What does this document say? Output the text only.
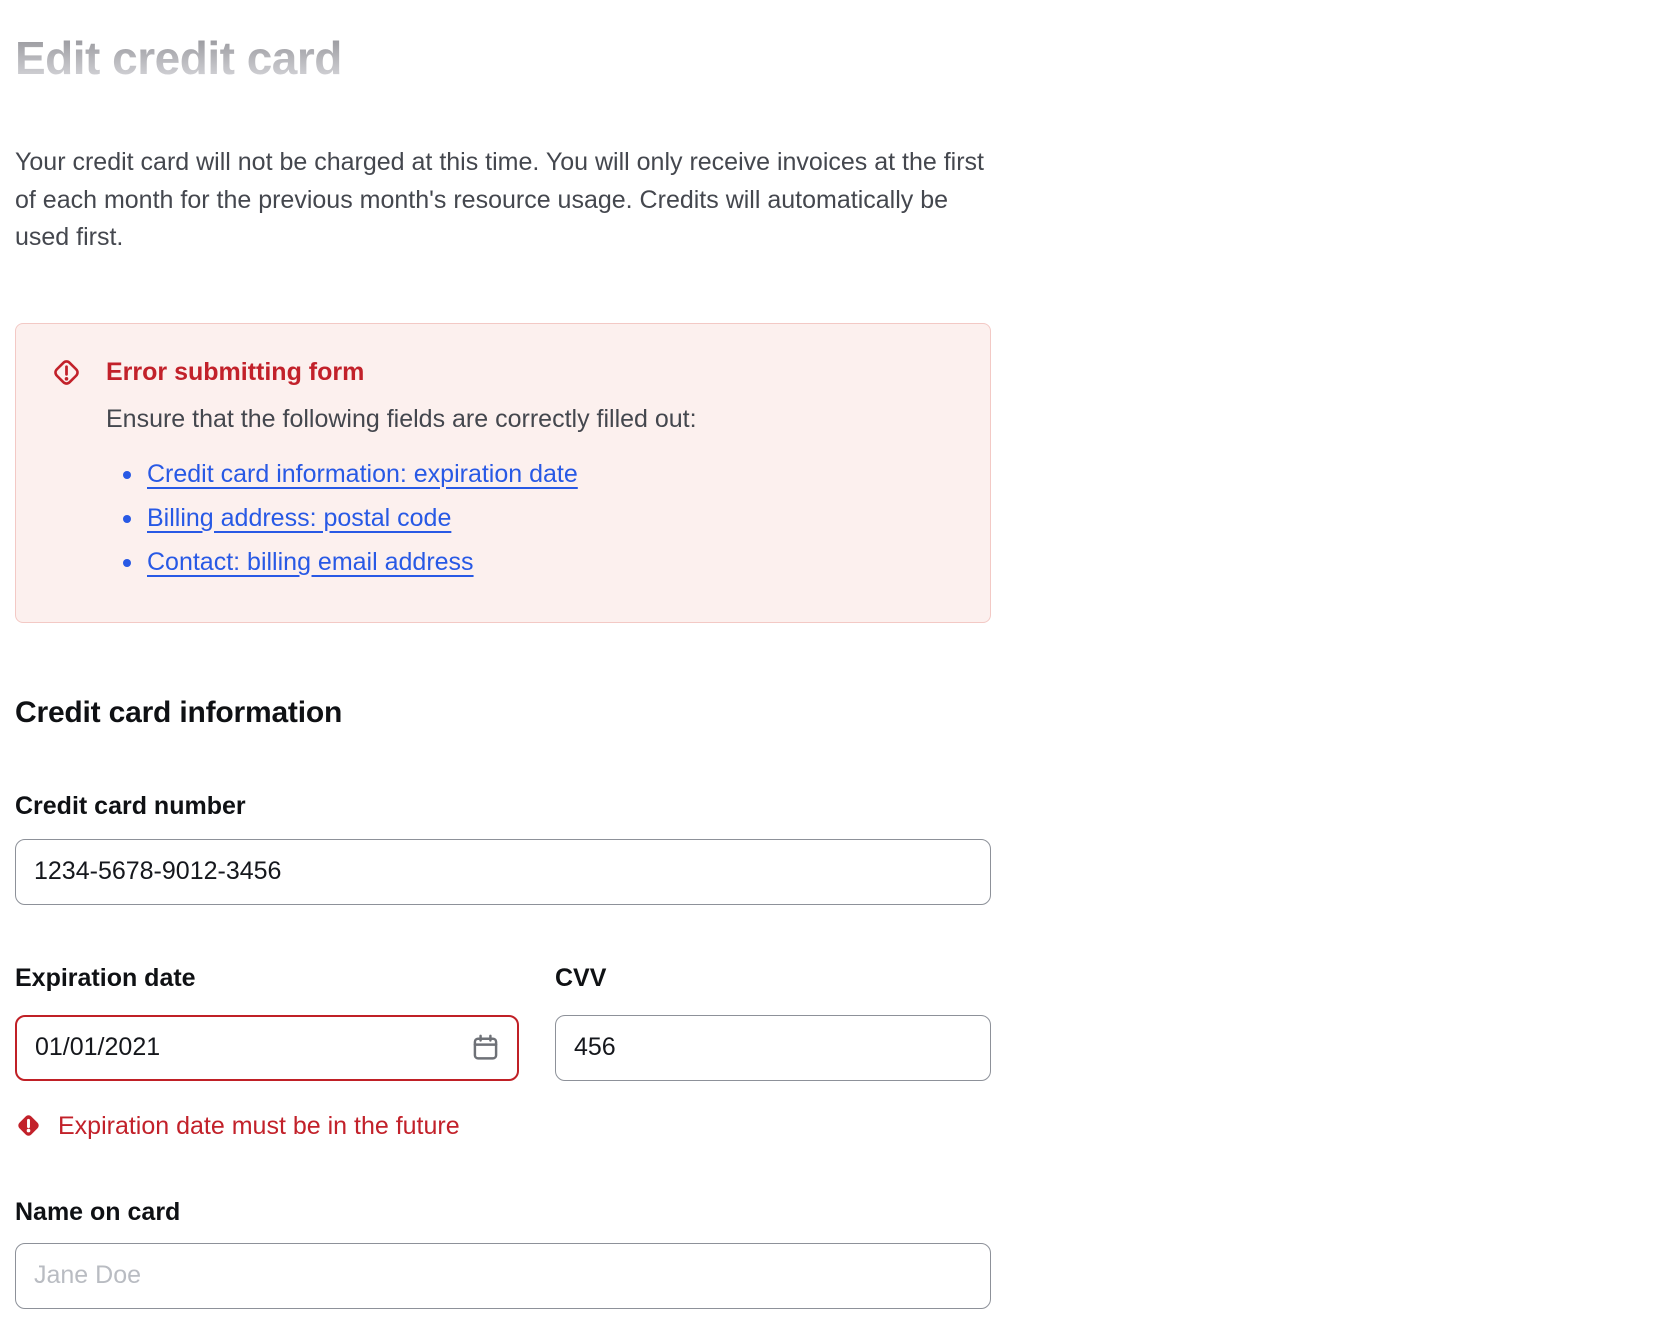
Edit credit card

Your credit card will not be charged at this time. You will only receive invoices at the first of each month for the previous month's resource usage. Credits will automatically be used first.

Error submitting form
Ensure that the following fields are correctly filled out:
Credit card information: expiration date
Billing address: postal code
Contact: billing email address
Credit card information
Credit card number
1234-5678-9012-3456
Expiration date
01/01/2021
Expiration date must be in the future
CVV
456
Name on card
Jane Doe
